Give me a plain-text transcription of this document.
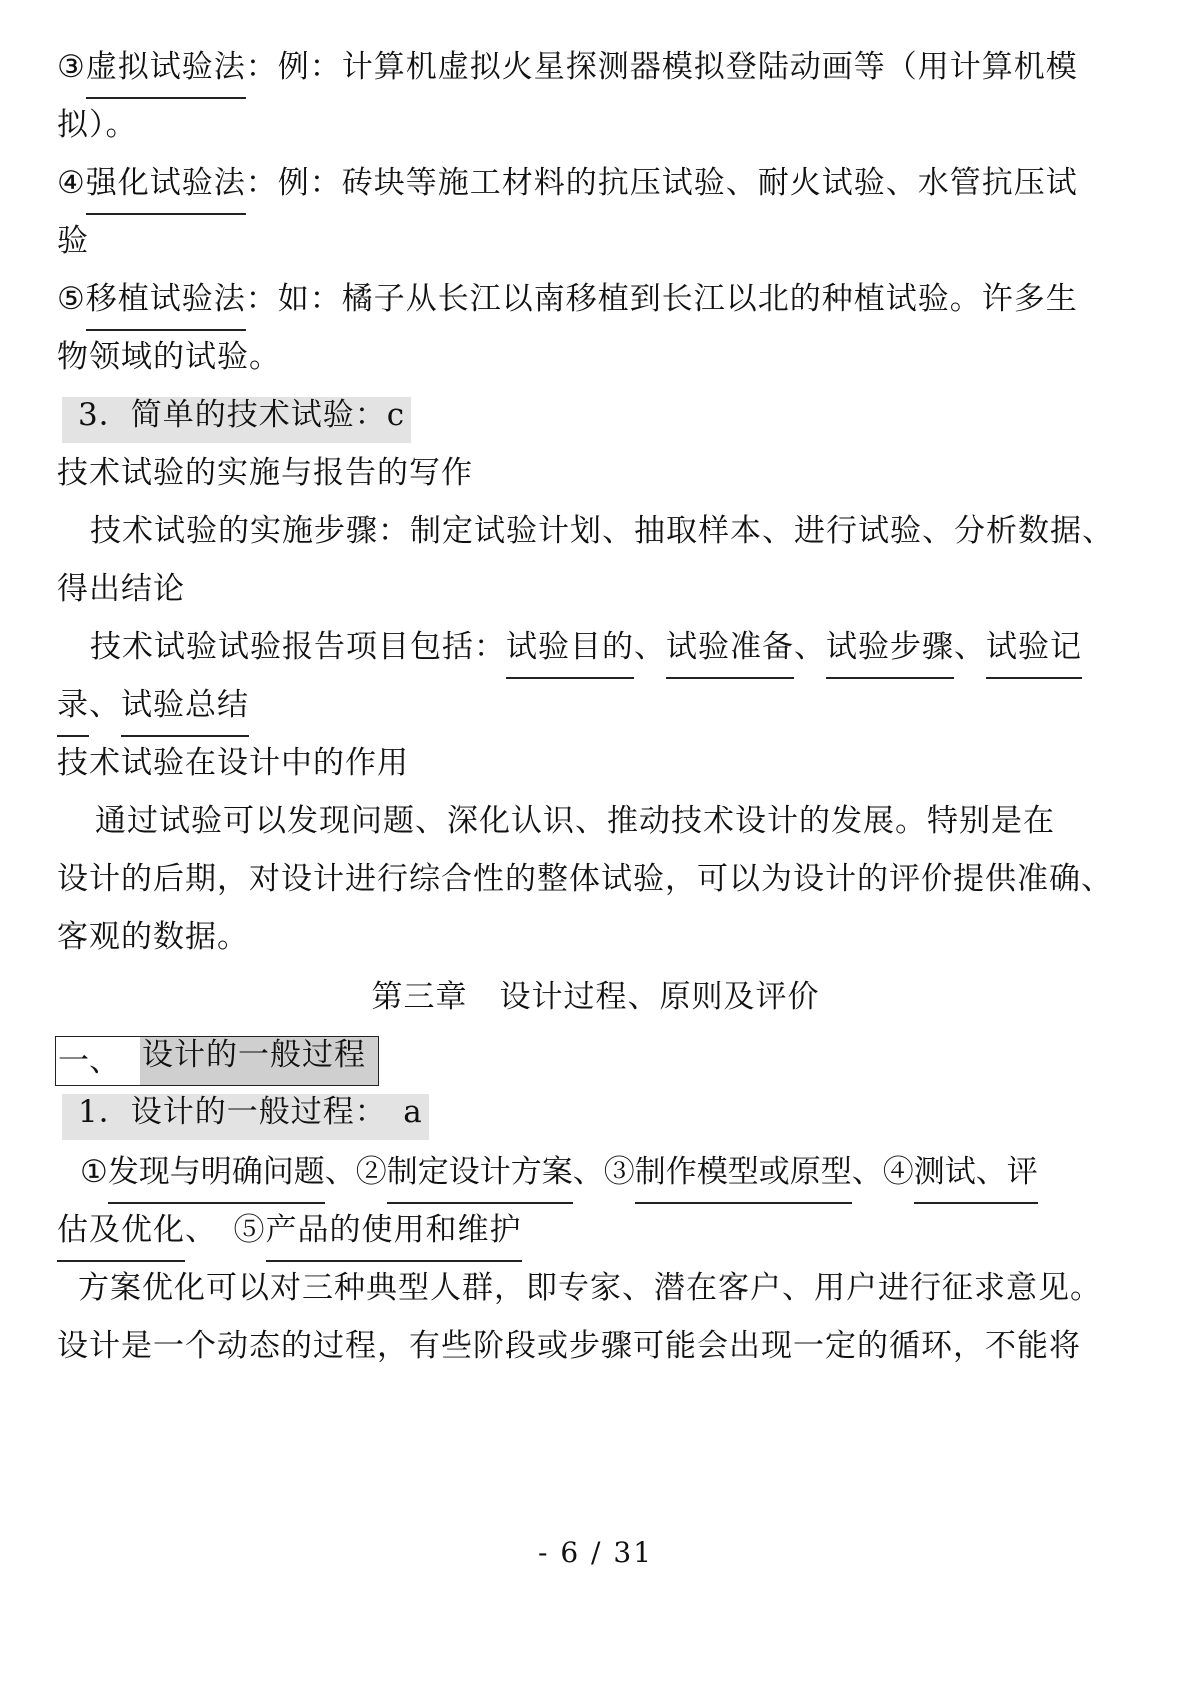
③虚拟试验法：例：计算机虚拟火星探测器模拟登陆动画等（用计算机模
拟）。
④强化试验法：例：砖块等施工材料的抗压试验、耐火试验、水管抗压试
验
⑤移植试验法：如：橘子从长江以南移植到长江以北的种植试验。许多生
物领域的试验。
3．简单的技术试验：c
技术试验的实施与报告的写作
技术试验的实施步骤：制定试验计划、抽取样本、进行试验、分析数据、
得出结论
技术试验试验报告项目包括：试验目的、试验准备、试验步骤、试验记
录、试验总结
技术试验在设计中的作用
通过试验可以发现问题、深化认识、推动技术设计的发展。特别是在
设计的后期，对设计进行综合性的整体试验，可以为设计的评价提供准确、
客观的数据。
第三章　设计过程、原则及评价
一、 设计的一般过程
1．设计的一般过程：　a
①发现与明确问题、②制定设计方案、③制作模型或原型、④测试、评
估及优化、　⑤产品的使用和维护
方案优化可以对三种典型人群，即专家、潜在客户、用户进行征求意见。
设计是一个动态的过程，有些阶段或步骤可能会出现一定的循环，不能将
- 6 / 31
